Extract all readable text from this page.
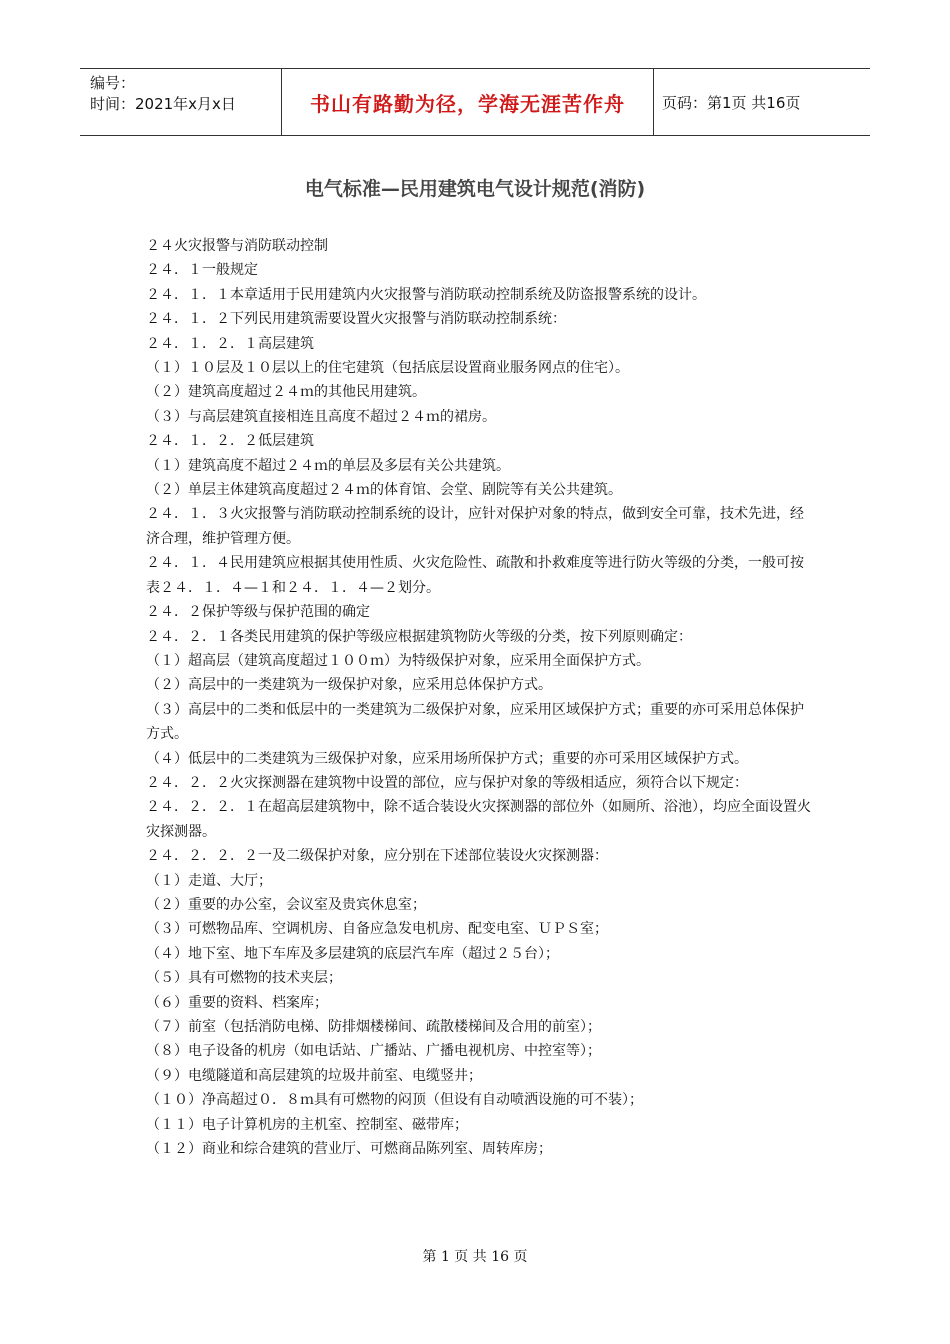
编号：
时间：2021年x月x日	书山有路勤为径，学海无涯苦作舟	页码：第1页 共16页
电气标准—民用建筑电气设计规范(消防)

２４火灾报警与消防联动控制

２４．１一般规定

２４．１．１本章适用于民用建筑内火灾报警与消防联动控制系统及防盗报警系统的设计。

２４．１．２下列民用建筑需要设置火灾报警与消防联动控制系统：

２４．１．２．１高层建筑

（１）１０层及１０层以上的住宅建筑（包括底层设置商业服务网点的住宅）。

（２）建筑高度超过２４ｍ的其他民用建筑。

（３）与高层建筑直接相连且高度不超过２４ｍ的裙房。

２４．１．２．２低层建筑

（１）建筑高度不超过２４ｍ的单层及多层有关公共建筑。

（２）单层主体建筑高度超过２４ｍ的体育馆、会堂、剧院等有关公共建筑。

２４．１．３火灾报警与消防联动控制系统的设计，应针对保护对象的特点，做到安全可靠，技术先进，经济合理，维护管理方便。

２４．１．４民用建筑应根据其使用性质、火灾危险性、疏散和扑救难度等进行防火等级的分类，一般可按表２４．１．４—１和２４．１．４—２划分。

２４．２保护等级与保护范围的确定

２４．２．１各类民用建筑的保护等级应根据建筑物防火等级的分类，按下列原则确定：

（１）超高层（建筑高度超过１００ｍ）为特级保护对象，应采用全面保护方式。

（２）高层中的一类建筑为一级保护对象，应采用总体保护方式。

（３）高层中的二类和低层中的一类建筑为二级保护对象，应采用区域保护方式；重要的亦可采用总体保护方式。

（４）低层中的二类建筑为三级保护对象，应采用场所保护方式；重要的亦可采用区域保护方式。

２４．２．２火灾探测器在建筑物中设置的部位，应与保护对象的等级相适应，须符合以下规定：

２４．２．２．１在超高层建筑物中，除不适合装设火灾探测器的部位外（如厕所、浴池），均应全面设置火灾探测器。

２４．２．２．２一及二级保护对象，应分别在下述部位装设火灾探测器：

（１）走道、大厅；

（２）重要的办公室，会议室及贵宾休息室；

（３）可燃物品库、空调机房、自备应急发电机房、配变电室、ＵＰＳ室；

（４）地下室、地下车库及多层建筑的底层汽车库（超过２５台）；

（５）具有可燃物的技术夹层；

（６）重要的资料、档案库；

（７）前室（包括消防电梯、防排烟楼梯间、疏散楼梯间及合用的前室）；

（８）电子设备的机房（如电话站、广播站、广播电视机房、中控室等）；

（９）电缆隧道和高层建筑的垃圾井前室、电缆竖井；

（１０）净高超过０．８ｍ具有可燃物的闷顶（但设有自动喷洒设施的可不装）；

（１１）电子计算机房的主机室、控制室、磁带库；

（１２）商业和综合建筑的营业厅、可燃商品陈列室、周转库房；

第 1 页 共 16 页
